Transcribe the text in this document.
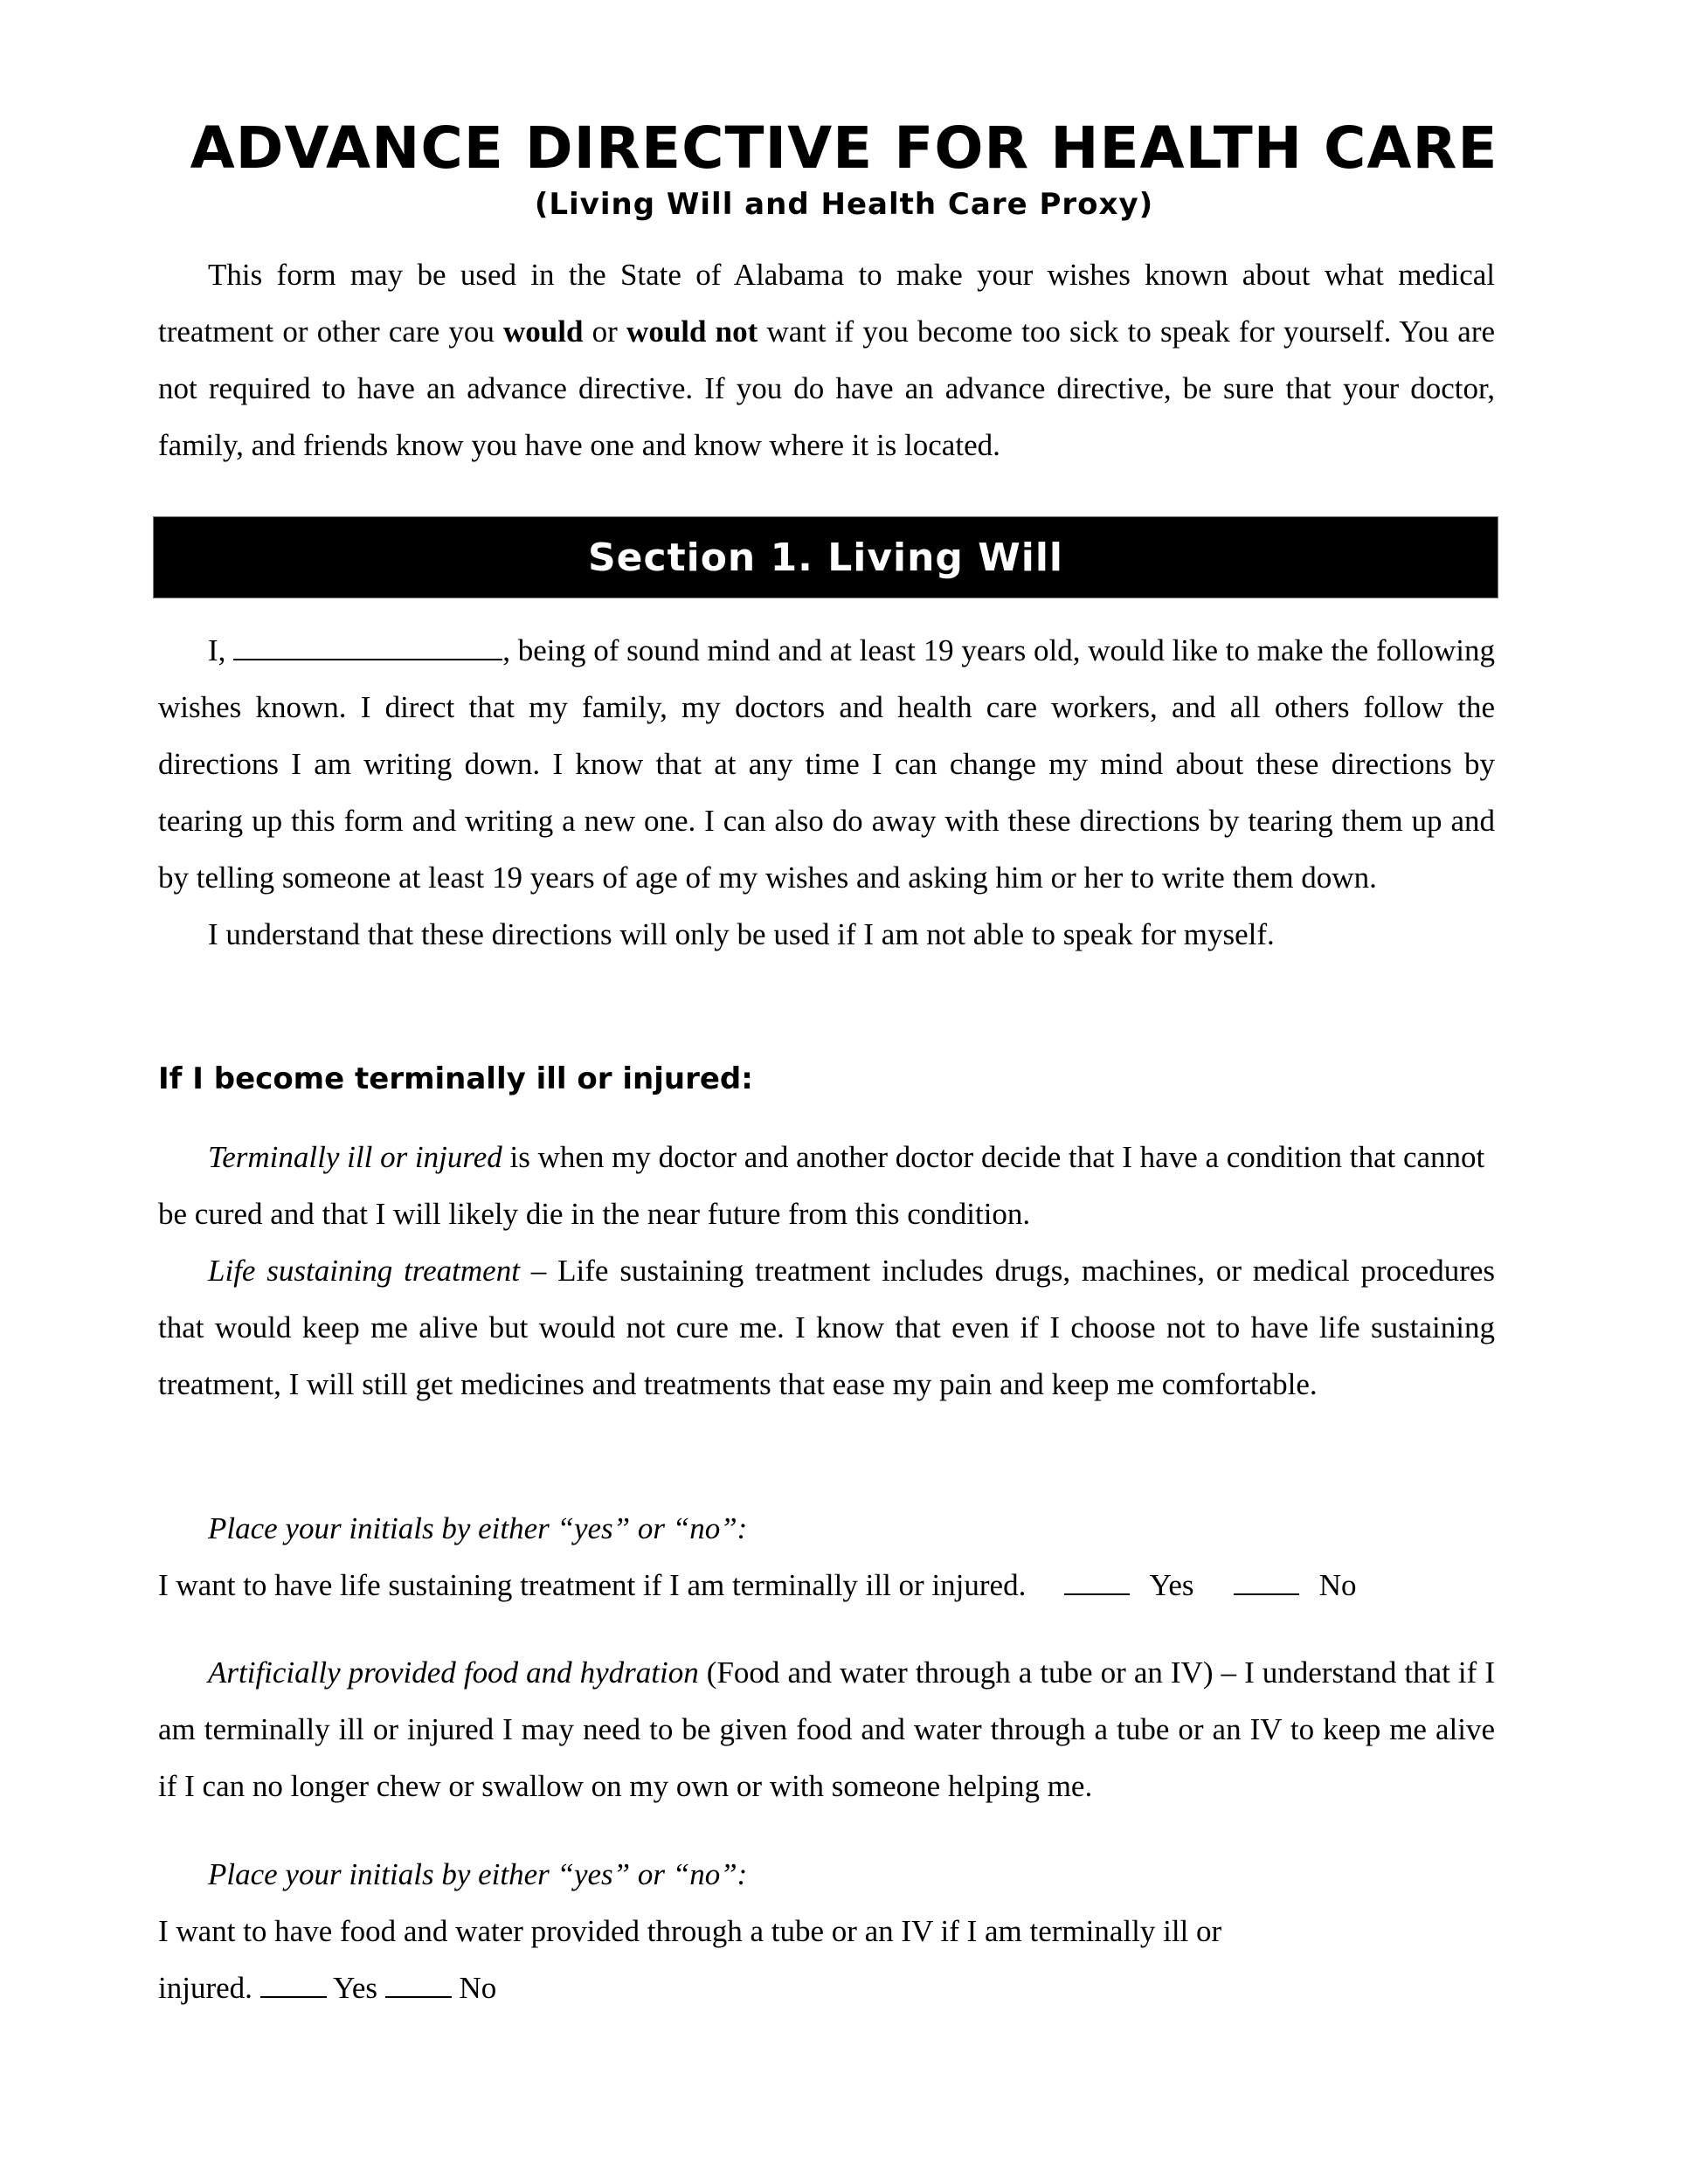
ADVANCE DIRECTIVE FOR HEALTH CARE
(Living Will and Health Care Proxy)

This form may be used in the State of Alabama to make your wishes known about what medical treatment or other care you would or would not want if you become too sick to speak for yourself. You are not required to have an advance directive. If you do have an advance directive, be sure that your doctor, family, and friends know you have one and know where it is located.

Section 1. Living Will

I,	, being of sound mind and at least 19 years old, would like to make the following wishes known. I direct that my family, my doctors and health care workers, and all others follow the directions I am writing down. I know that at any time I can change my mind about these directions by tearing up this form and writing a new one. I can also do away with these directions by tearing them up and by telling someone at least 19 years of age of my wishes and asking him or her to write them down.

I understand that these directions will only be used if I am not able to speak for myself.

If I become terminally ill or injured:

Terminally ill or injured is when my doctor and another doctor decide that I have a condition that cannot be cured and that I will likely die in the near future from this condition.

Life sustaining treatment – Life sustaining treatment includes drugs, machines, or medical procedures that would keep me alive but would not cure me. I know that even if I choose not to have life sustaining treatment, I will still get medicines and treatments that ease my pain and keep me comfortable.

Place your initials by either “yes” or “no”:

I want to have life sustaining treatment if I am terminally ill or injured.	Yes	No

Artificially provided food and hydration (Food and water through a tube or an IV) – I understand that if I am terminally ill or injured I may need to be given food and water through a tube or an IV to keep me alive if I can no longer chew or swallow on my own or with someone helping me.

Place your initials by either “yes” or “no”:

I want to have food and water provided through a tube or an IV if I am terminally ill or

injured.	Yes	No
